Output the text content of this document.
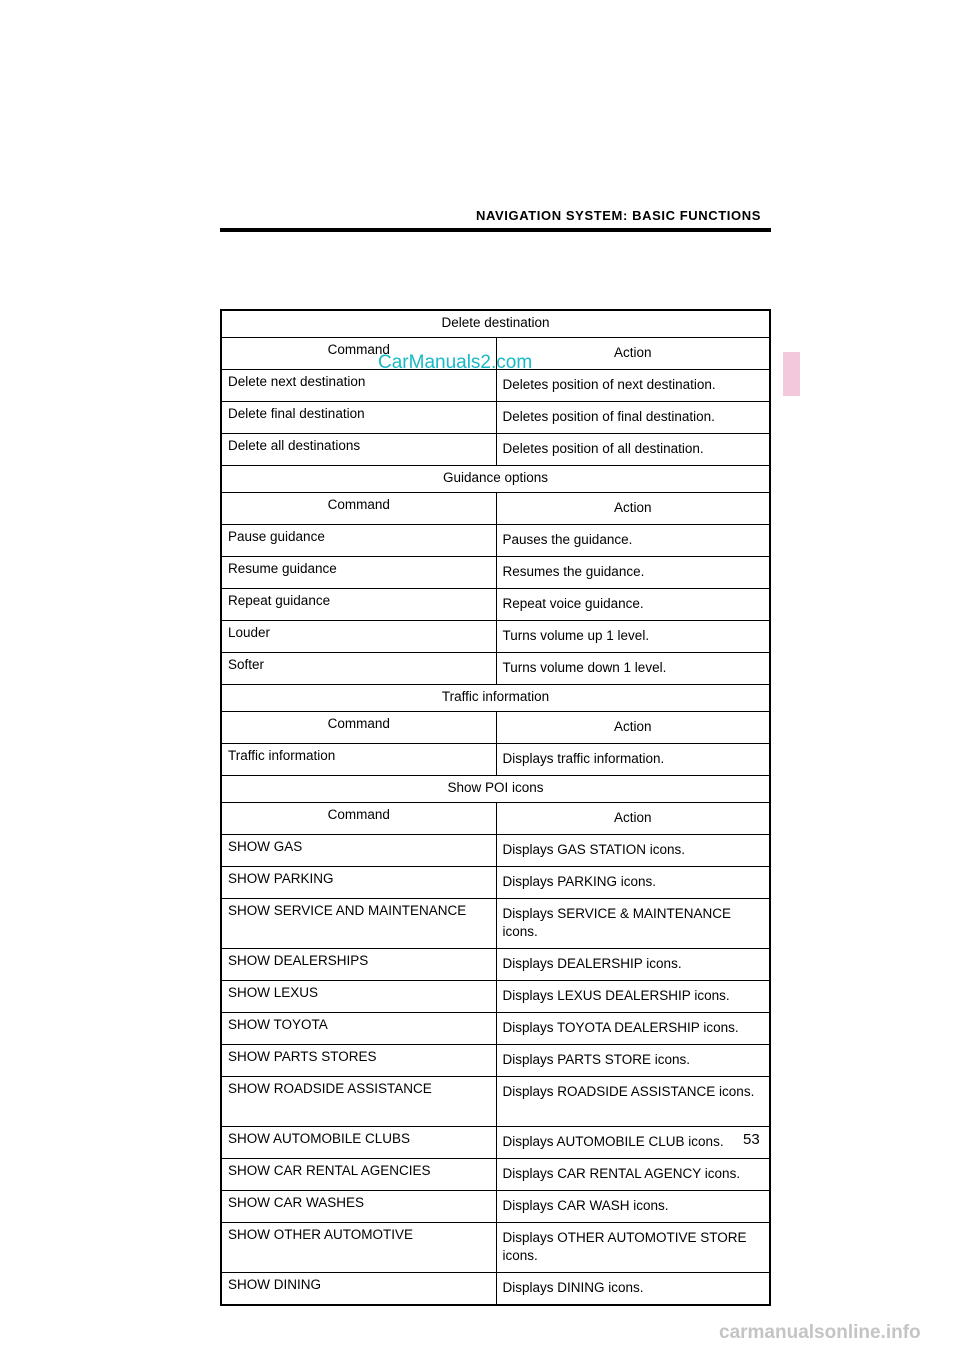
NAVIGATION SYSTEM: BASIC FUNCTIONS
Delete destination	
Command	Action
Delete next destination	Deletes position of next destination.
Delete final destination	Deletes position of final destination.
Delete all destinations	Deletes position of all destination.
Guidance options	
Command	Action
Pause guidance	Pauses the guidance.
Resume guidance	Resumes the guidance.
Repeat guidance	Repeat voice guidance.
Louder	Turns volume up 1 level.
Softer	Turns volume down 1 level.
Traffic information	
Command	Action
Traffic information	Displays traffic information.
Show POI icons	
Command	Action
SHOW GAS	Displays GAS STATION icons.
SHOW PARKING	Displays PARKING icons.
SHOW SERVICE AND MAINTENANCE	Displays SERVICE & MAINTENANCE icons.
SHOW DEALERSHIPS	Displays DEALERSHIP icons.
SHOW LEXUS	Displays LEXUS DEALERSHIP icons.
SHOW TOYOTA	Displays TOYOTA DEALERSHIP icons.
SHOW PARTS STORES	Displays PARTS STORE icons.
SHOW ROADSIDE ASSISTANCE	Displays ROADSIDE ASSISTANCE icons.
SHOW AUTOMOBILE CLUBS	Displays AUTOMOBILE CLUB icons.
SHOW CAR RENTAL AGENCIES	Displays CAR RENTAL AGENCY icons.
SHOW CAR WASHES	Displays CAR WASH icons.
SHOW OTHER AUTOMOTIVE	Displays OTHER AUTOMOTIVE STORE icons.
SHOW DINING	Displays DINING icons.
CarManuals2.com
53
carmanualsonline.info
